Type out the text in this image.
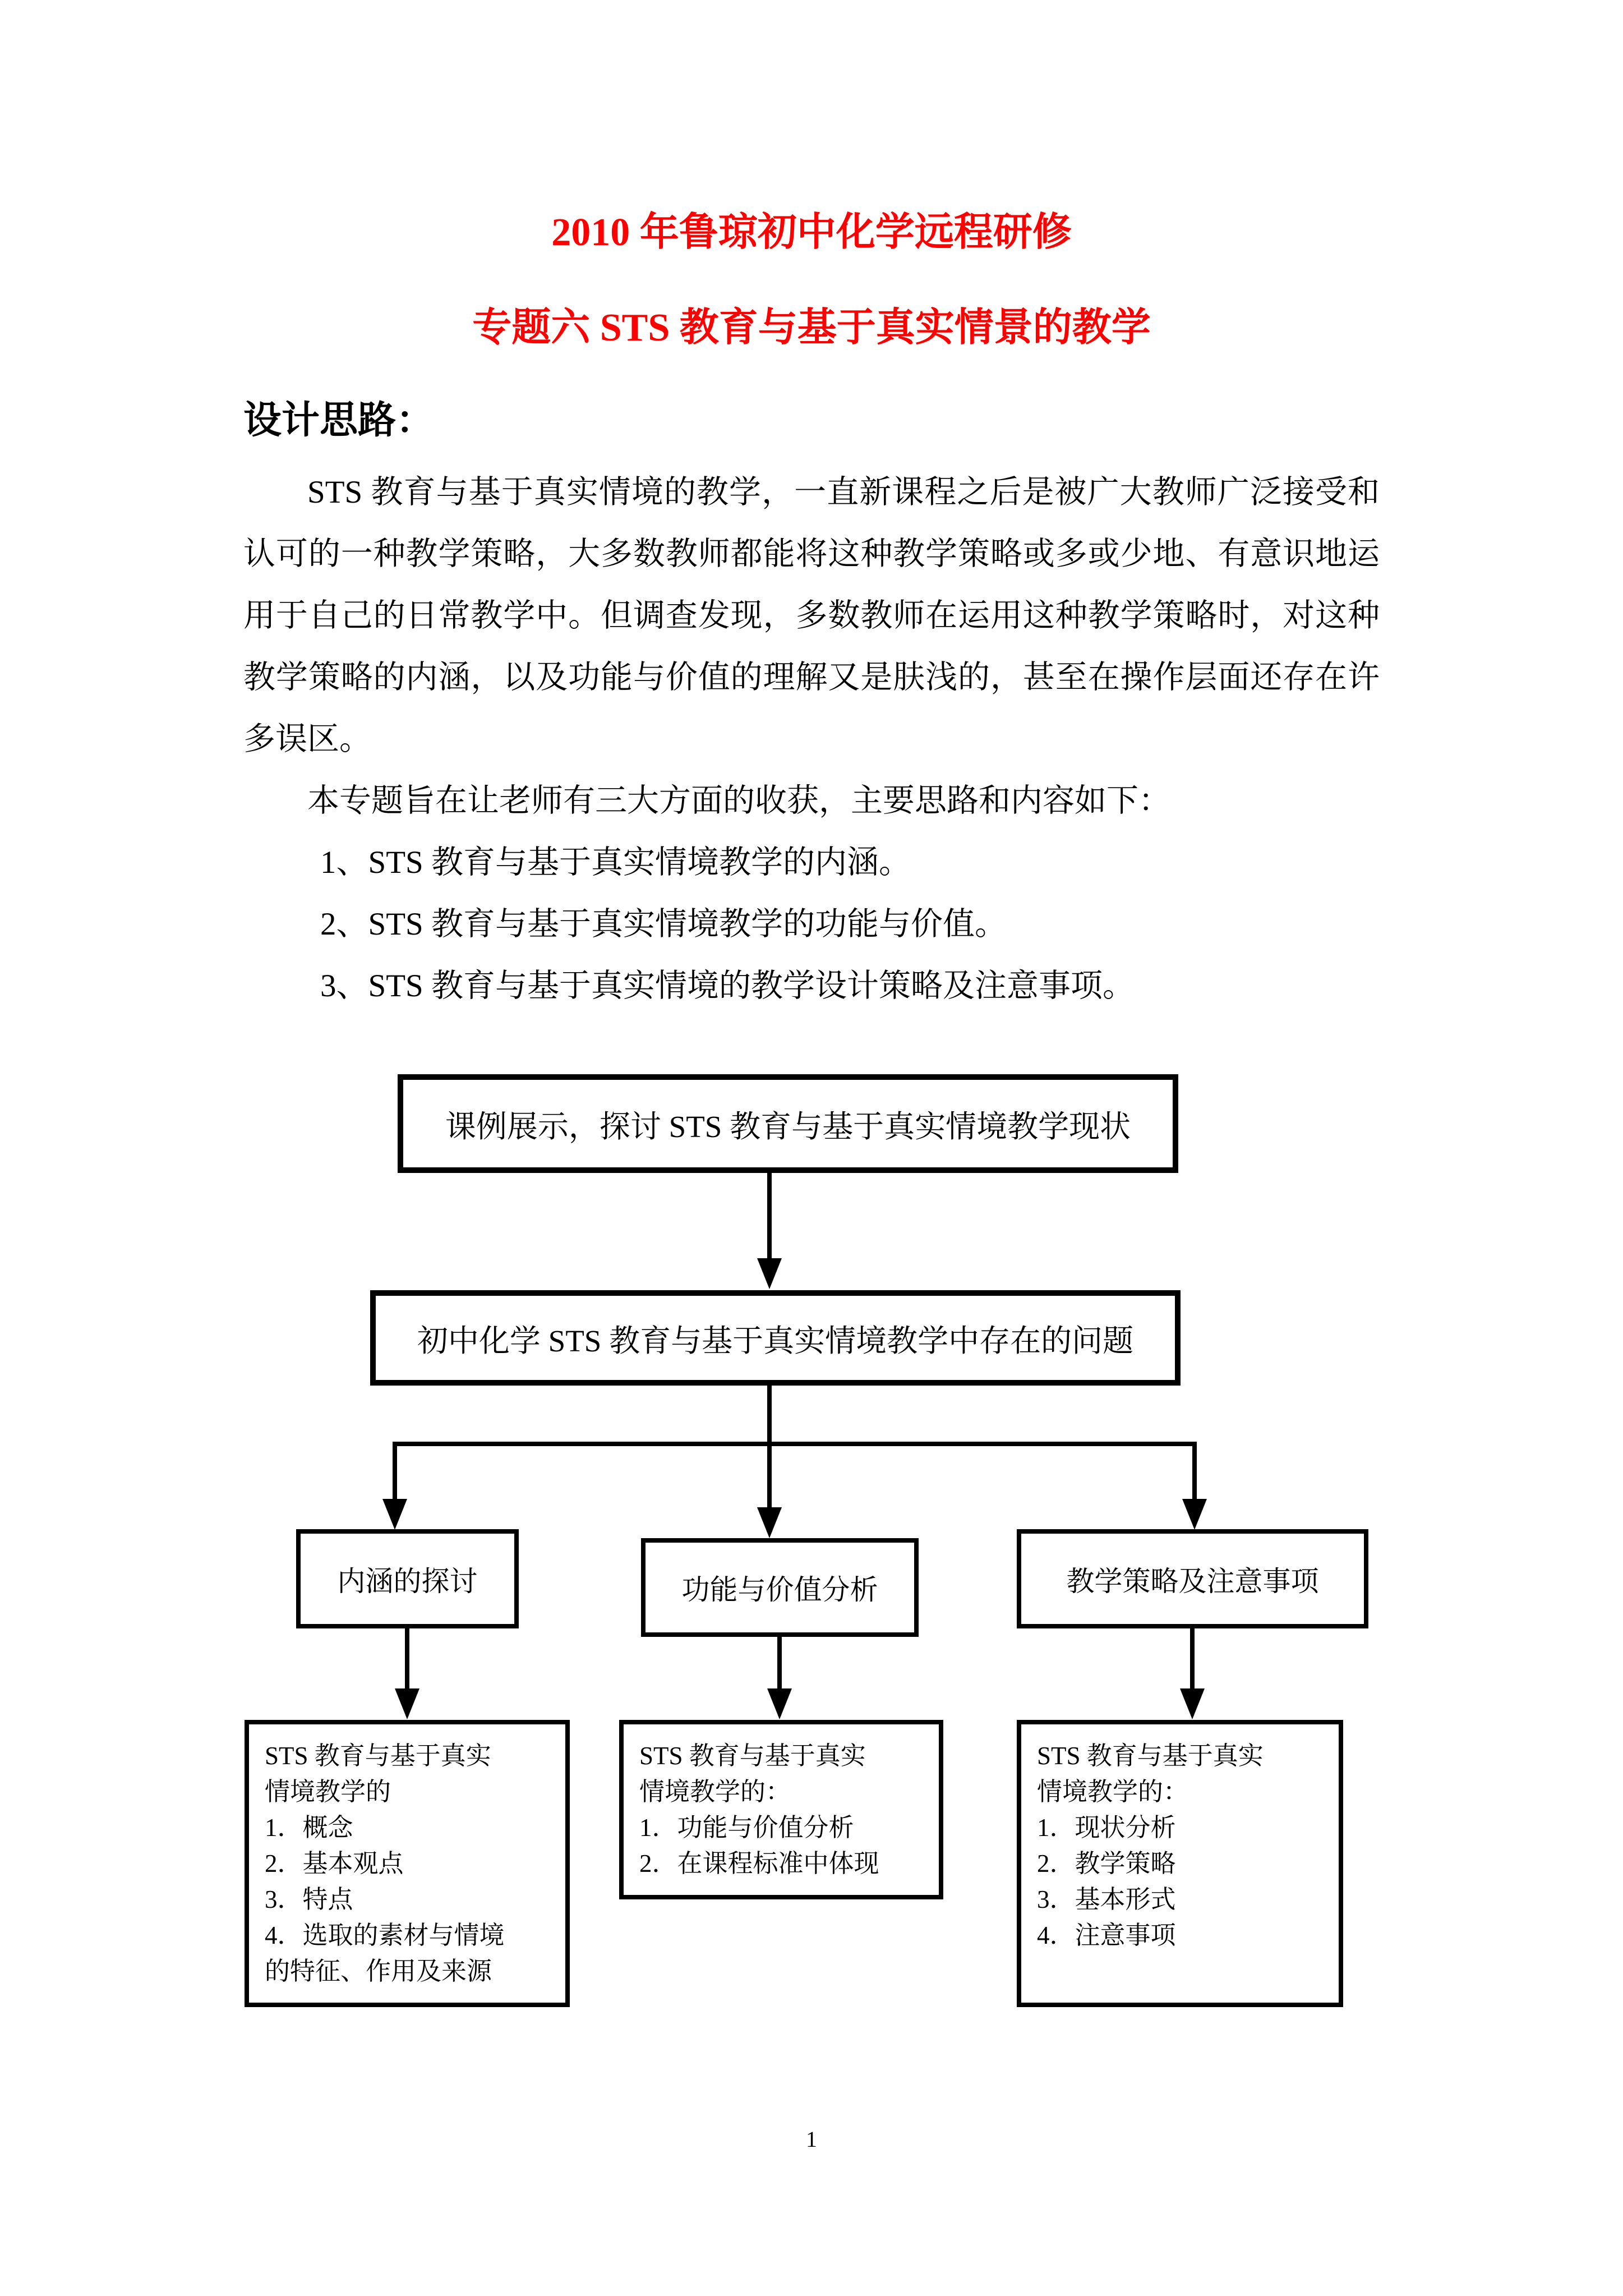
2010 年鲁琼初中化学远程研修
专题六 STS 教育与基于真实情景的教学
设计思路：

STS 教育与基于真实情境的教学，一直新课程之后是被广大教师广泛接受和认可的一种教学策略，大多数教师都能将这种教学策略或多或少地、有意识地运用于自己的日常教学中。但调查发现，多数教师在运用这种教学策略时，对这种教学策略的内涵，以及功能与价值的理解又是肤浅的，甚至在操作层面还存在许多误区。

本专题旨在让老师有三大方面的收获，主要思路和内容如下：

1、STS 教育与基于真实情境教学的内涵。
2、STS 教育与基于真实情境教学的功能与价值。
3、STS 教育与基于真实情境的教学设计策略及注意事项。
课例展示，探讨 STS 教育与基于真实情境教学现状
初中化学 STS 教育与基于真实情境教学中存在的问题
内涵的探讨	功能与价值分析	教学策略及注意事项
STS 教育与基于真实
情境教学的
1．概念
2．基本观点
3．特点
4．选取的素材与情境
的特征、作用及来源
STS 教育与基于真实
情境教学的：
1．功能与价值分析
2．在课程标准中体现
STS 教育与基于真实
情境教学的：
1．现状分析
2．教学策略
3．基本形式
4．注意事项
1
